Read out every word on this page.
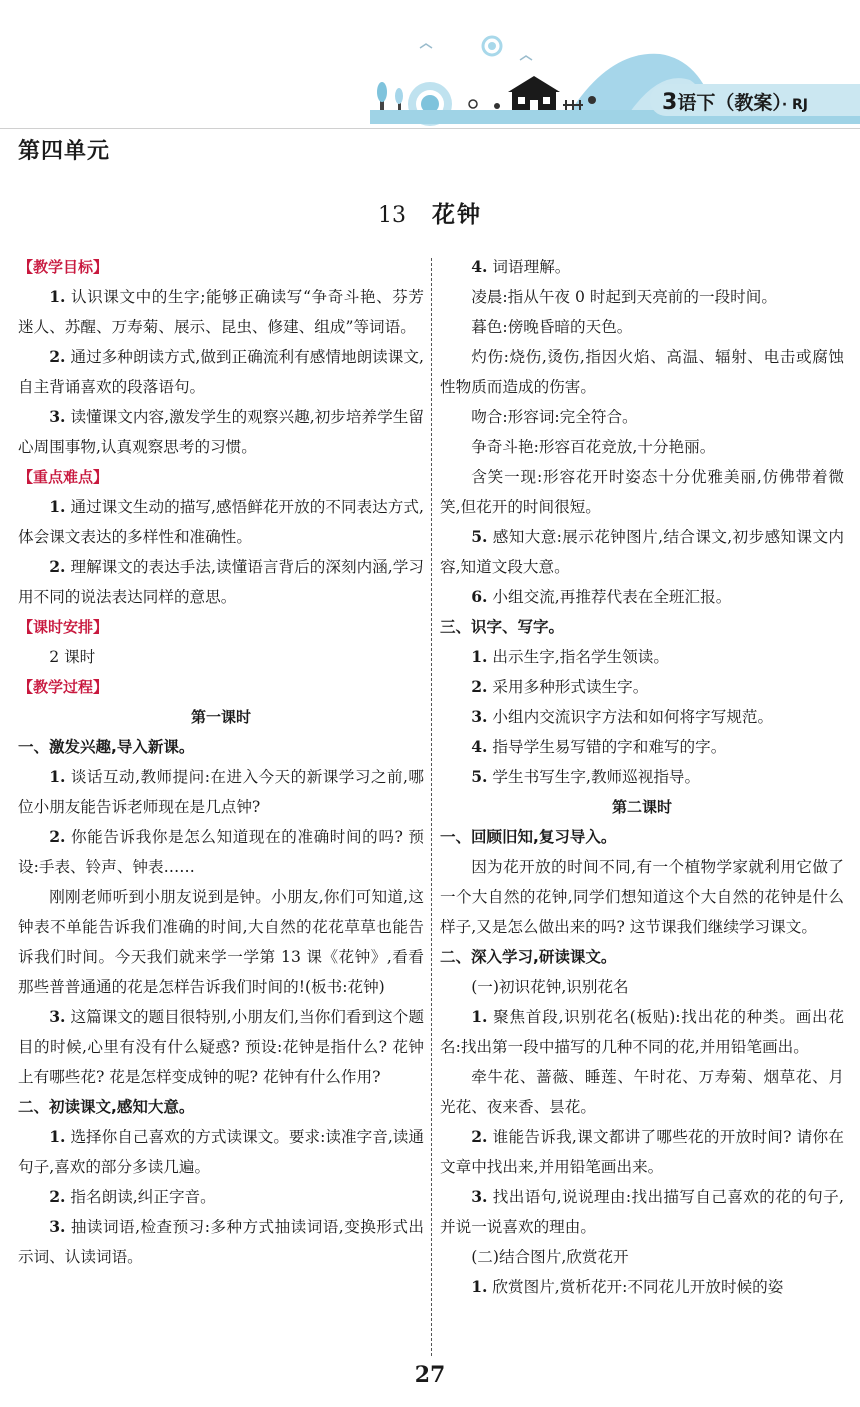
3语下（教案）· RJ
第四单元
13 花钟

【教学目标】

1. 认识课文中的生字;能够正确读写“争奇斗艳、芬芳迷人、苏醒、万寿菊、展示、昆虫、修建、组成”等词语。

2. 通过多种朗读方式,做到正确流利有感情地朗读课文,自主背诵喜欢的段落语句。

3. 读懂课文内容,激发学生的观察兴趣,初步培养学生留心周围事物,认真观察思考的习惯。

【重点难点】

1. 通过课文生动的描写,感悟鲜花开放的不同表达方式,体会课文表达的多样性和准确性。

2. 理解课文的表达手法,读懂语言背后的深刻内涵,学习用不同的说法表达同样的意思。

【课时安排】

2 课时

【教学过程】

第一课时

一、激发兴趣,导入新课。

1. 谈话互动,教师提问:在进入今天的新课学习之前,哪位小朋友能告诉老师现在是几点钟?

2. 你能告诉我你是怎么知道现在的准确时间的吗? 预设:手表、铃声、钟表……

刚刚老师听到小朋友说到是钟。小朋友,你们可知道,这钟表不单能告诉我们准确的时间,大自然的花花草草也能告诉我们时间。今天我们就来学一学第 13 课《花钟》,看看那些普普通通的花是怎样告诉我们时间的!(板书:花钟)

3. 这篇课文的题目很特别,小朋友们,当你们看到这个题目的时候,心里有没有什么疑惑? 预设:花钟是指什么? 花钟上有哪些花? 花是怎样变成钟的呢? 花钟有什么作用?

二、初读课文,感知大意。

1. 选择你自己喜欢的方式读课文。要求:读准字音,读通句子,喜欢的部分多读几遍。

2. 指名朗读,纠正字音。

3. 抽读词语,检查预习:多种方式抽读词语,变换形式出示词、认读词语。

4. 词语理解。

凌晨:指从午夜 0 时起到天亮前的一段时间。

暮色:傍晚昏暗的天色。

灼伤:烧伤,烫伤,指因火焰、高温、辐射、电击或腐蚀性物质而造成的伤害。

吻合:形容词:完全符合。

争奇斗艳:形容百花竞放,十分艳丽。

含笑一现:形容花开时姿态十分优雅美丽,仿佛带着微笑,但花开的时间很短。

5. 感知大意:展示花钟图片,结合课文,初步感知课文内容,知道文段大意。

6. 小组交流,再推荐代表在全班汇报。

三、识字、写字。

1. 出示生字,指名学生领读。

2. 采用多种形式读生字。

3. 小组内交流识字方法和如何将字写规范。

4. 指导学生易写错的字和难写的字。

5. 学生书写生字,教师巡视指导。

第二课时

一、回顾旧知,复习导入。

因为花开放的时间不同,有一个植物学家就利用它做了一个大自然的花钟,同学们想知道这个大自然的花钟是什么样子,又是怎么做出来的吗? 这节课我们继续学习课文。

二、深入学习,研读课文。

(一)初识花钟,识别花名

1. 聚焦首段,识别花名(板贴):找出花的种类。画出花名:找出第一段中描写的几种不同的花,并用铅笔画出。

牵牛花、蔷薇、睡莲、午时花、万寿菊、烟草花、月光花、夜来香、昙花。

2. 谁能告诉我,课文都讲了哪些花的开放时间? 请你在文章中找出来,并用铅笔画出来。

3. 找出语句,说说理由:找出描写自己喜欢的花的句子,并说一说喜欢的理由。

(二)结合图片,欣赏花开

1. 欣赏图片,赏析花开:不同花儿开放时候的姿

27
